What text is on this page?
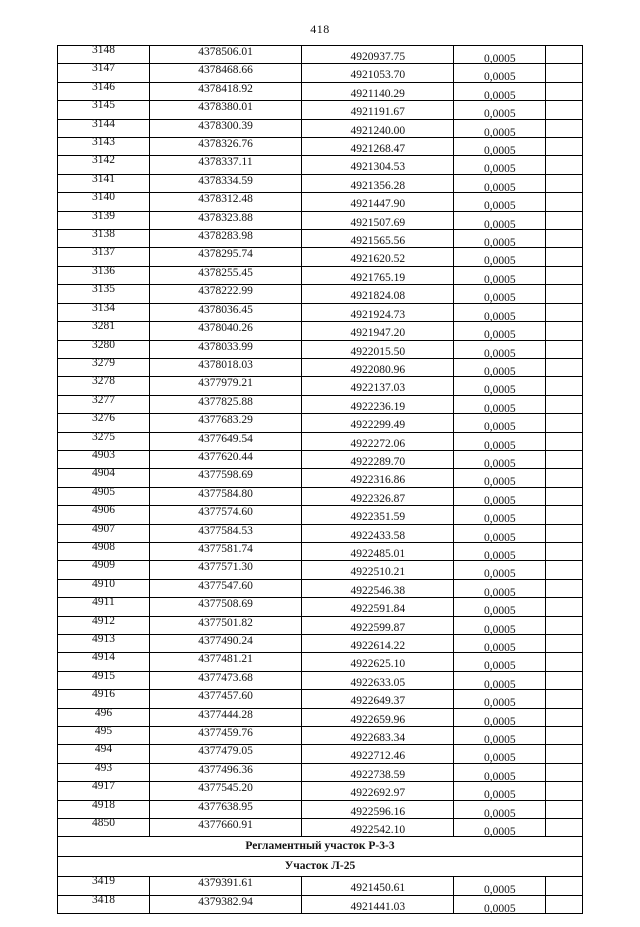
418
3148	4378506.01	4920937.75	0,0005	

3147	4378468.66	4921053.70	0,0005	

3146	4378418.92	4921140.29	0,0005	

3145	4378380.01	4921191.67	0,0005	

3144	4378300.39	4921240.00	0,0005	

3143	4378326.76	4921268.47	0,0005	

3142	4378337.11	4921304.53	0,0005	

3141	4378334.59	4921356.28	0,0005	

3140	4378312.48	4921447.90	0,0005	

3139	4378323.88	4921507.69	0,0005	

3138	4378283.98	4921565.56	0,0005	

3137	4378295.74	4921620.52	0,0005	

3136	4378255.45	4921765.19	0,0005	

3135	4378222.99	4921824.08	0,0005	

3134	4378036.45	4921924.73	0,0005	

3281	4378040.26	4921947.20	0,0005	

3280	4378033.99	4922015.50	0,0005	

3279	4378018.03	4922080.96	0,0005	

3278	4377979.21	4922137.03	0,0005	

3277	4377825.88	4922236.19	0,0005	

3276	4377683.29	4922299.49	0,0005	

3275	4377649.54	4922272.06	0,0005	

4903	4377620.44	4922289.70	0,0005	

4904	4377598.69	4922316.86	0,0005	

4905	4377584.80	4922326.87	0,0005	

4906	4377574.60	4922351.59	0,0005	

4907	4377584.53	4922433.58	0,0005	

4908	4377581.74	4922485.01	0,0005	

4909	4377571.30	4922510.21	0,0005	

4910	4377547.60	4922546.38	0,0005	

4911	4377508.69	4922591.84	0,0005	

4912	4377501.82	4922599.87	0,0005	

4913	4377490.24	4922614.22	0,0005	

4914	4377481.21	4922625.10	0,0005	

4915	4377473.68	4922633.05	0,0005	

4916	4377457.60	4922649.37	0,0005	

496	4377444.28	4922659.96	0,0005	

495	4377459.76	4922683.34	0,0005	

494	4377479.05	4922712.46	0,0005	

493	4377496.36	4922738.59	0,0005	

4917	4377545.20	4922692.97	0,0005	

4918	4377638.95	4922596.16	0,0005	

4850	4377660.91	4922542.10	0,0005	

Регламентный участок Р-3-3				

Участок Л-25				

3419	4379391.61	4921450.61	0,0005	

3418	4379382.94	4921441.03	0,0005	
